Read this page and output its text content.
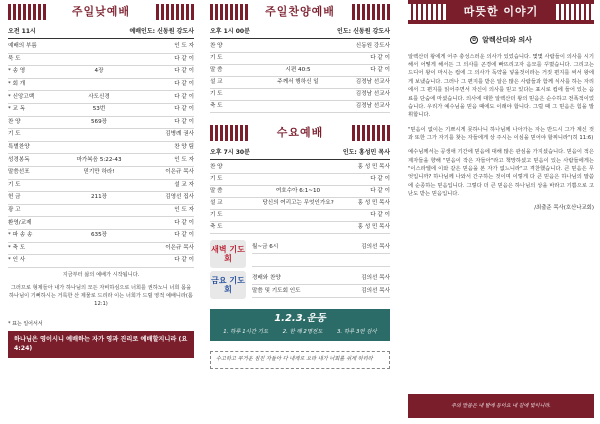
주일낮예배
오전 11시	예배인도: 신동원 강도사
예배의 부름		인 도 자
묵 도		다 같 이
* 송 영	4장	다 같 이
* 회 개		다 같 이
* 신앙고백	사도신경	다 같 이
* 교 독	53번	다 같 이
찬 양	569장	다 같 이
기 도		김병례 권사
특별찬양		찬 양 팀
성경봉독	마가복음 5:22-43	인 도 자
말씀선포	믿기만 하라!	이은규 목사
기 도		설 교 자
헌 금	211장	김영선 집사
광 고		인 도 자
환영/교제		다 같 이
* 파 송 송	635장	다 같 이
* 축 도		이은규 목사
* 인 사		다 같 이
지금부터 삶의 예배가 시작됩니다.
그러므로 형제들아 내가 하나님의 모든 자비하심으로 너희를 권하노니 너희 몸을 하나님이 기뻐하시는 거룩한 산 제물로 드리라 이는 너희가 드릴 영적 예배니라(롬 12:1)
* 표는 일어서서
하나님은 영이시니 예배하는 자가 영과 진리로 예배할지니라 (요4:24)
주일찬양예배
오후 1시 00분	인도: 신동원 강도사
찬 양		신동원 강도사
기 도		다 같 이
말 씀	시편 40:5	다 같 이
설 교	주께서 행하신 일	김정남 선교사
기 도		김정남 선교사
축 도		김정남 선교사
수요예배
오후 7시 30분	인도: 홍성민 목사
찬 양		홍 성 민 목사
기 도		다 같 이
말 씀	여호수아 6:1~10	다 같 이
설 교	당신의 여리고는 무엇인가요?	홍 성 민 목사
기 도		다 같 이
축 도		홍 성 민 목사
새벽 기도회
월~금 6시	김의선 목사
금요 기도회
경배와 찬양	김의선 목사
말씀 및 기도회 인도	김의선 목사
1.2.3.운동
1. 하루 1시간 기도	2. 한 해 2명전도	3. 하루 3번 감사
수고하고 무거운 짐진 자들아 다 내게로 오라 내가 너희를 쉬게 하리라
따뜻한 이야기
✿ 알렉산더와 의사
알렉산더 왕에게 어주 충성스러운 의사가 있었습니다. 몇몇 사람들이 의사를 시기해서 어떻게 해서든 그 의사를 곤경에 빠뜨리고자 음모를 꾸몄습니다. 그리고는 드디어 왕이 마시는 컵에 그 의사가 독약을 넣을것이라는 거짓 편지를 써서 왕에게 보냈습니다. 그러나 그 편지를 받은 알은 많은 사람들과 함께 식사를 하는 자리에서 그 편지를 읽어주면서 자신이 의사를 믿고 있다는 표시로 컵에 들어 있는 음료를 단숨에 마셨습니다. 의사에 대한 알렉산더 왕의 믿음은 순수하고 전폭적이었습니다. 우리가 예수님을 믿음 때에도 이래야 합니다. 그럴 때 그 믿음은 힘을 발휘합니다.
"믿음이 없이는 기쁘시게 못하나니 하나님께 나아가는 자는 반드시 그가 계신 것과 또한 그가 자기를 찾는 자들에게 상 주시는 이심을 믿어야 할찌니라"(히 11:6)
예수님께서는 공생애 기간에 믿음에 대해 많은 관심을 가지셨습니다. 믿음이 적은 제자들을 향해 "믿음이 작은 자들아"라고 책망하셨고 믿음이 있는 사람들에게는 "이스라엘에 이와 같은 믿음을 본 자가 없느니라"고 격찬했습니다. 큰 믿음은 무엇입니까? 하나님께 나와서 간구하는 것이며 이렇게 다 큰 믿음은 하나님의 말씀에 순종하는 믿음입니다. 그렇다 더 큰 믿음은 하나님의 상을 바라고 기쁨으로 고난도 받는 믿음입니다.
/최출준 목사(호산나교회)
주의 말씀은 내 발에 등이요 내 길에 빛이니라.
